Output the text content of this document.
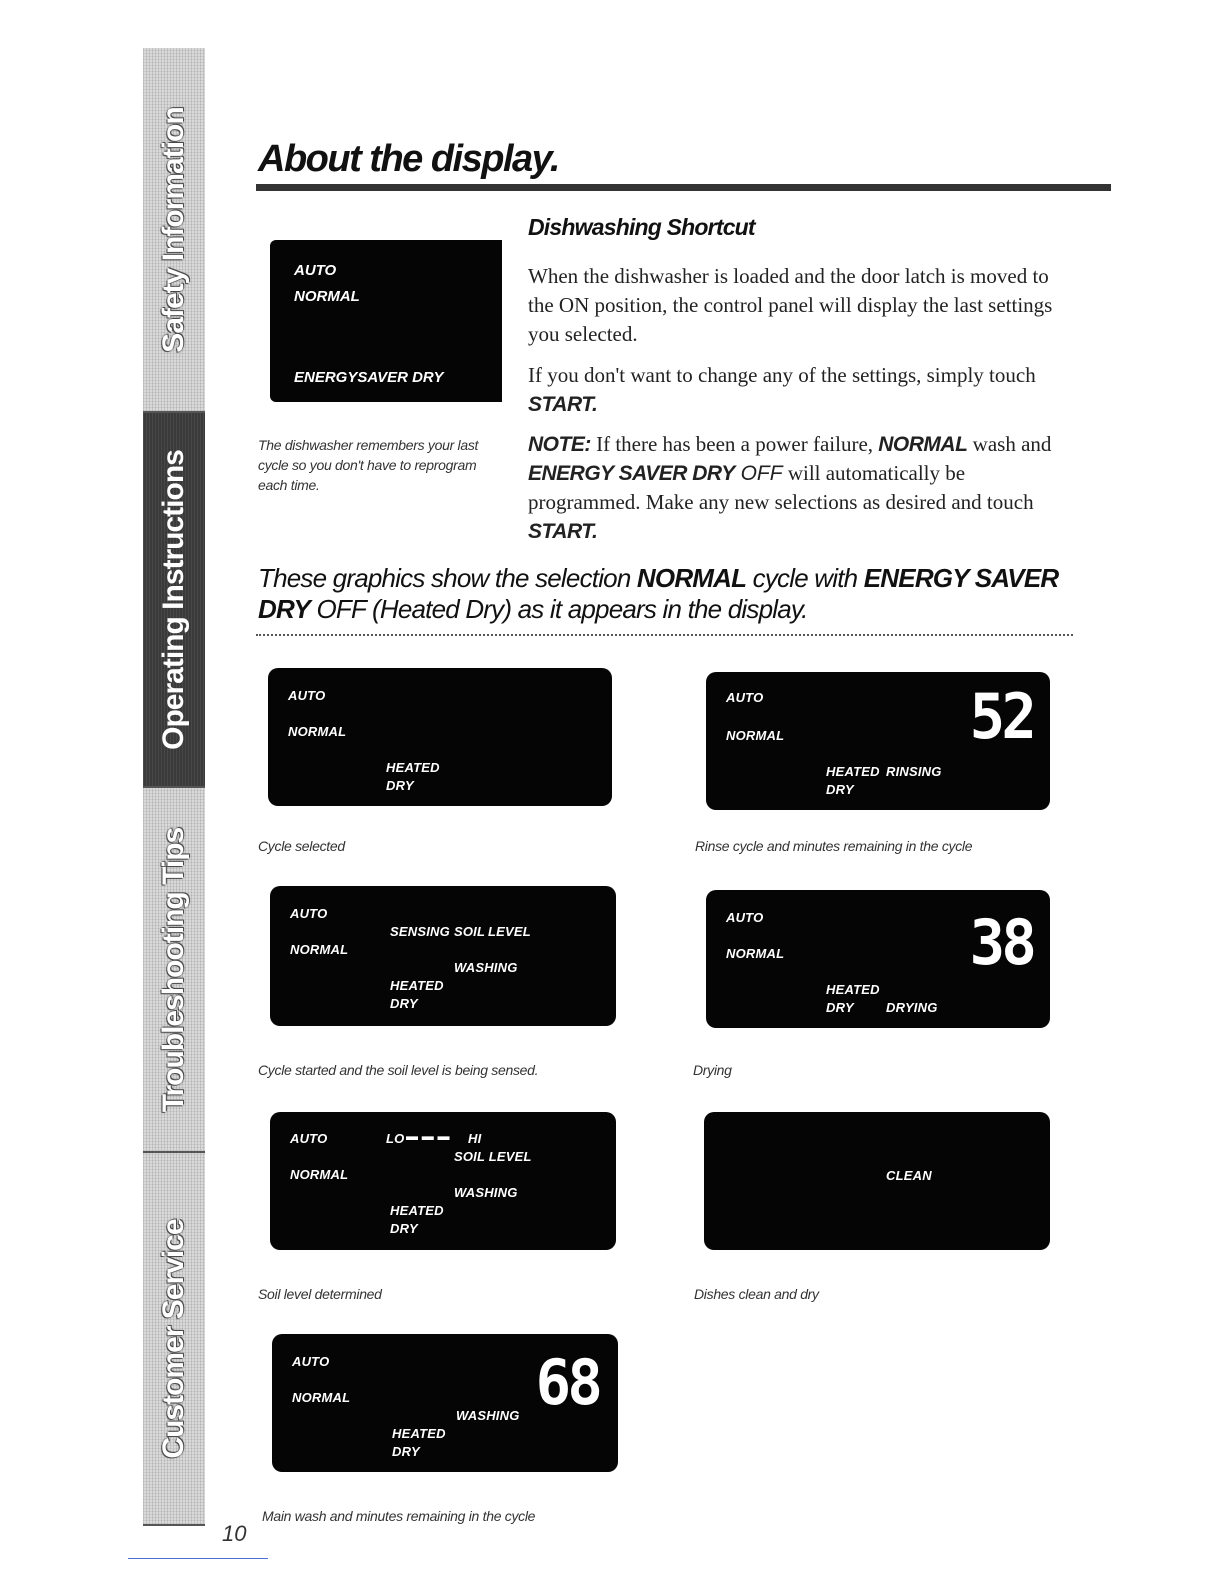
Safety Information
Operating Instructions
Troubleshooting Tips
Customer Service
About the display.
AUTO
NORMAL
ENERGYSAVER DRY
The dishwasher remembers your last cycle so you don't have to reprogram each time.
Dishwashing Shortcut

When the dishwasher is loaded and the door latch is moved to the ON position, the control panel will display the last settings you selected.

If you don't want to change any of the settings, simply touch START.

NOTE: If there has been a power failure, NORMAL wash and ENERGY SAVER DRY OFF will automatically be programmed. Make any new selections as desired and touch START.

These graphics show the selection NORMAL cycle with ENERGY SAVER DRY OFF (Heated Dry) as it appears in the display.

AUTO
NORMAL
HEATED
DRY
Cycle selected
AUTO
SENSING SOIL LEVEL
NORMAL
WASHING
HEATED
DRY
Cycle started and the soil level is being sensed.
AUTO	LO ▬ ▬ ▬ HI
SOIL LEVEL
NORMAL
WASHING
HEATED
DRY
Soil level determined
AUTO
NORMAL
WASHING
HEATED
DRY
68
Main wash and minutes remaining in the cycle
AUTO
NORMAL
HEATED RINSING
DRY
52
Rinse cycle and minutes remaining in the cycle
AUTO
NORMAL
HEATED
DRY DRYING
38
Drying
CLEAN
Dishes clean and dry
10
